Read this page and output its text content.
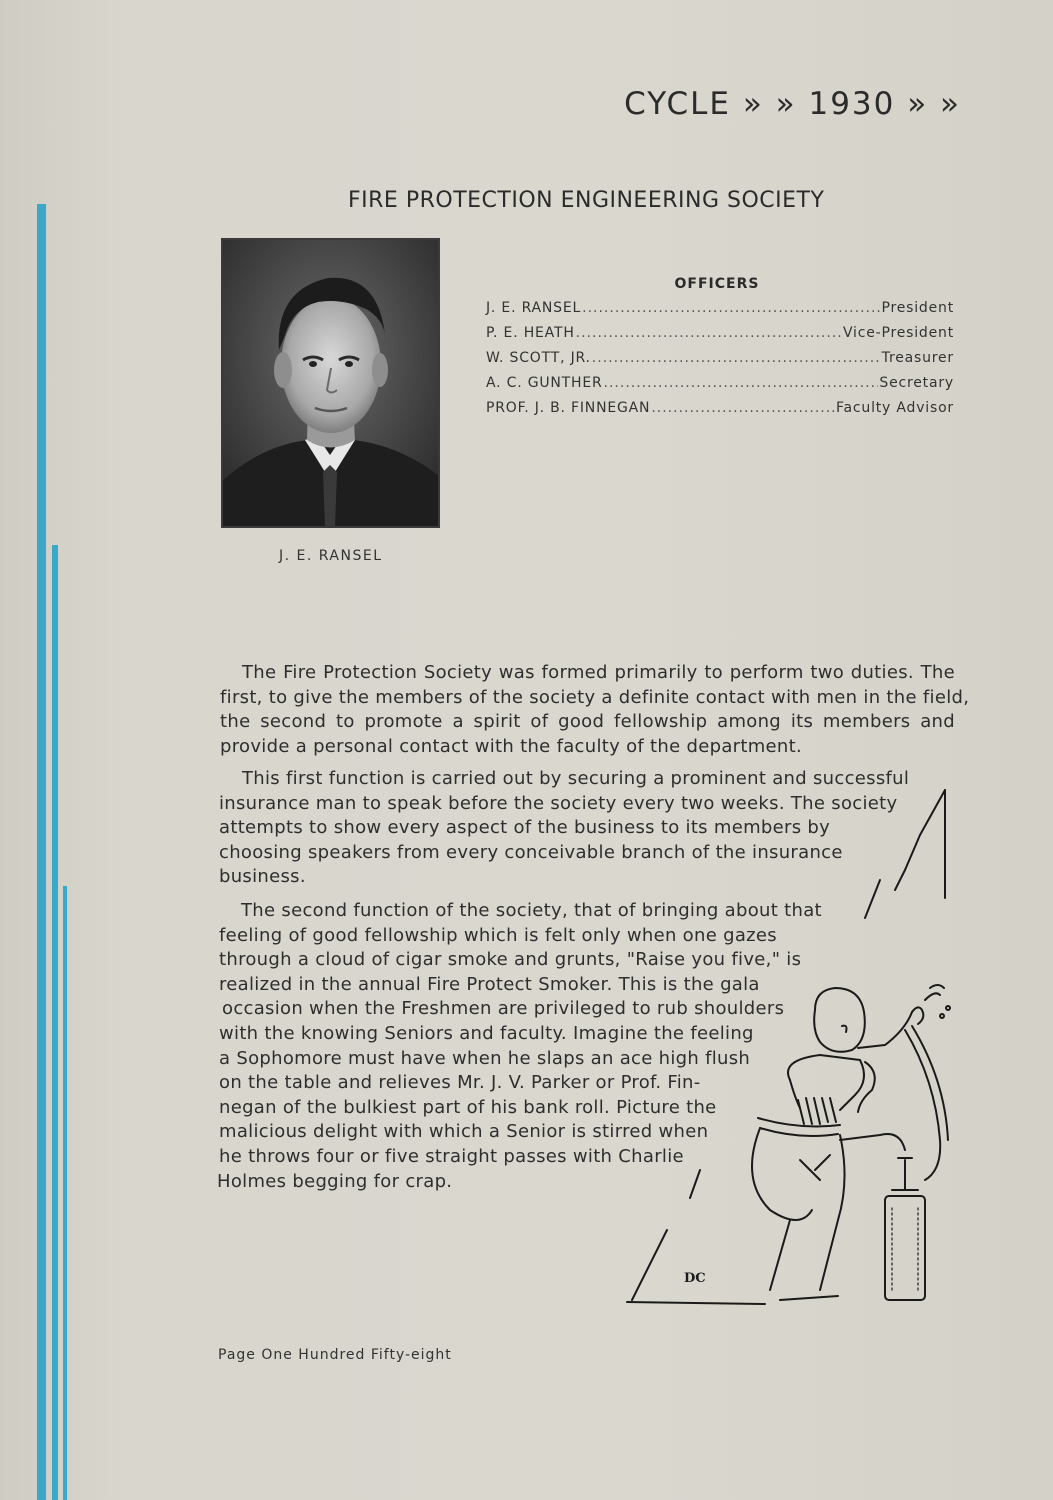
CYCLE » » 1930 » »
FIRE PROTECTION ENGINEERING SOCIETY
J. E. RANSEL
OFFICERS
J. E. RANSEL .....	President
P. E. HEATH .....	Vice-President
W. SCOTT, JR. .....	Treasurer
A. C. GUNTHER .....	Secretary
PROF. J. B. FINNEGAN .....	Faculty Advisor
The Fire Protection Society was formed primarily to perform two duties. The
first, to give the members of the society a definite contact with men in the field,
the second to promote a spirit of good fellowship among its members and
provide a personal contact with the faculty of the department.
This first function is carried out by securing a prominent and successful
insurance man to speak before the society every two weeks. The society
attempts to show every aspect of the business to its members by
choosing speakers from every conceivable branch of the insurance
business.
The second function of the society, that of bringing about that
feeling of good fellowship which is felt only when one gazes
through a cloud of cigar smoke and grunts, "Raise you five," is
realized in the annual Fire Protect Smoker. This is the gala
occasion when the Freshmen are privileged to rub shoulders
with the knowing Seniors and faculty. Imagine the feeling
a Sophomore must have when he slaps an ace high flush
on the table and relieves Mr. J. V. Parker or Prof. Fin-
negan of the bulkiest part of his bank roll. Picture the
malicious delight with which a Senior is stirred when
he throws four or five straight passes with Charlie
Holmes begging for crap.
DC
Page One Hundred Fifty-eight
